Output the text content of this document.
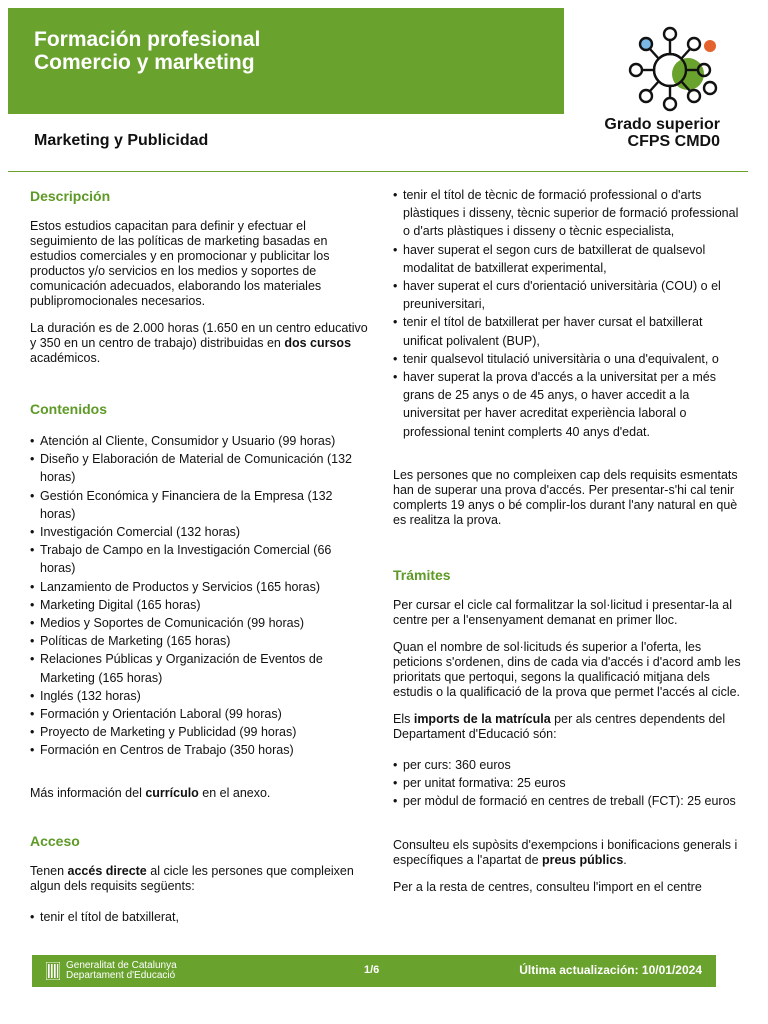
Formación profesional
Comercio y marketing
Grado superior
CFPS CMD0
Marketing y Publicidad
Descripción

Estos estudios capacitan para definir y efectuar el seguimiento de las políticas de marketing basadas en estudios comerciales y en promocionar y publicitar los productos y/o servicios en los medios y soportes de comunicación adecuados, elaborando los materiales publipromocionales necesarios.

La duración es de 2.000 horas (1.650 en un centro educativo y 350 en un centro de trabajo) distribuidas en dos cursos académicos.

Contenidos
• Atención al Cliente, Consumidor y Usuario (99 horas)
• Diseño y Elaboración de Material de Comunicación (132 horas)
• Gestión Económica y Financiera de la Empresa (132 horas)
• Investigación Comercial (132 horas)
• Trabajo de Campo en la Investigación Comercial (66 horas)
• Lanzamiento de Productos y Servicios (165 horas)
• Marketing Digital (165 horas)
• Medios y Soportes de Comunicación (99 horas)
• Políticas de Marketing (165 horas)
• Relaciones Públicas y Organización de Eventos de Marketing (165 horas)
• Inglés (132 horas)
• Formación y Orientación Laboral (99 horas)
• Proyecto de Marketing y Publicidad (99 horas)
• Formación en Centros de Trabajo (350 horas)

Más información del currículo en el anexo.

Acceso

Tenen accés directe al cicle les persones que compleixen algun dels requisits següents:

• tenir el títol de batxillerat,
• tenir el títol de tècnic de formació professional o d'arts plàstiques i disseny, tècnic superior de formació professional o d'arts plàstiques i disseny o tècnic especialista,
• haver superat el segon curs de batxillerat de qualsevol modalitat de batxillerat experimental,
• haver superat el curs d'orientació universitària (COU) o el preuniversitari,
• tenir el títol de batxillerat per haver cursat el batxillerat unificat polivalent (BUP),
• tenir qualsevol titulació universitària o una d'equivalent, o
• haver superat la prova d'accés a la universitat per a més grans de 25 anys o de 45 anys, o haver accedit a la universitat per haver acreditat experiència laboral o professional tenint complerts 40 anys d'edat.

Les persones que no compleixen cap dels requisits esmentats han de superar una prova d'accés. Per presentar-s'hi cal tenir complerts 19 anys o bé complir-los durant l'any natural en què es realitza la prova.

Trámites

Per cursar el cicle cal formalitzar la sol·licitud i presentar-la al centre per a l'ensenyament demanat en primer lloc.

Quan el nombre de sol·licituds és superior a l'oferta, les peticions s'ordenen, dins de cada via d'accés i d'acord amb les prioritats que pertoqui, segons la qualificació mitjana dels estudis o la qualificació de la prova que permet l'accés al cicle.

Els imports de la matrícula per als centres dependents del Departament d'Educació són:

• per curs: 360 euros
• per unitat formativa: 25 euros
• per mòdul de formació en centres de treball (FCT): 25 euros

Consulteu els supòsits d'exempcions i bonificacions generals i específiques a l'apartat de preus públics.

Per a la resta de centres, consulteu l'import en el centre

Generalitat de Catalunya
Departament d'Educació	1/6	Última actualización: 10/01/2024
